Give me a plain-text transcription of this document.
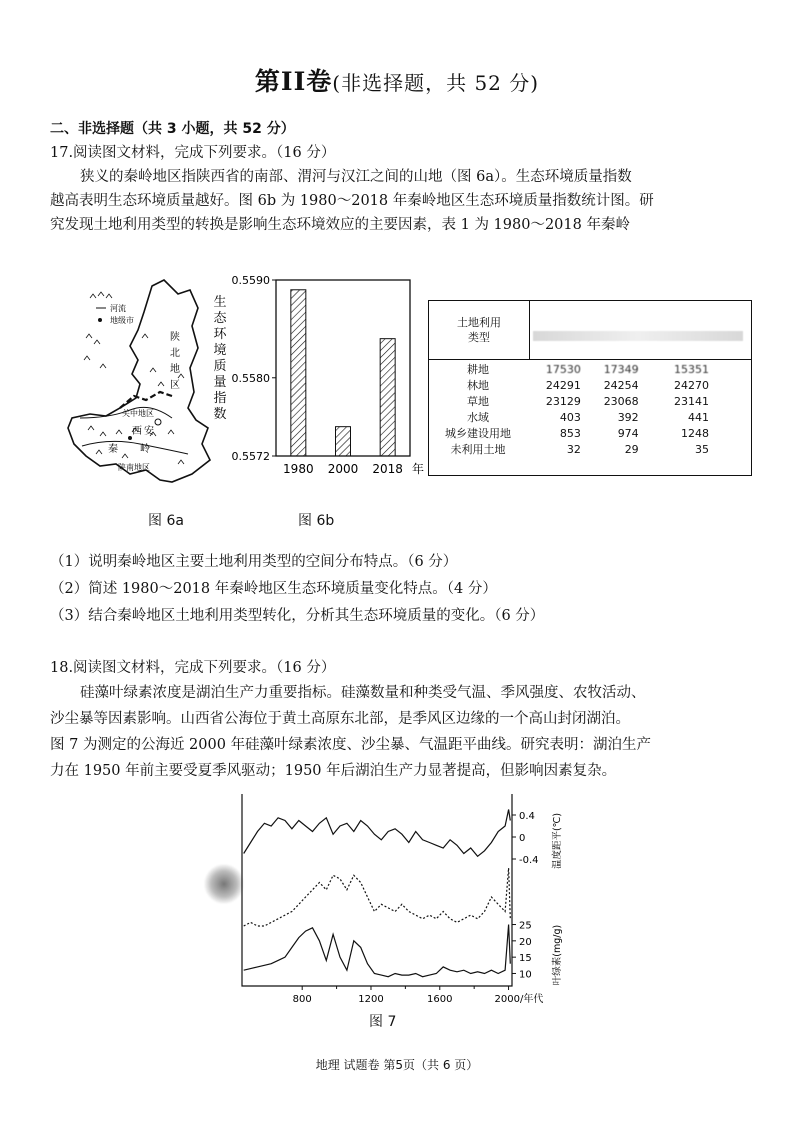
第II卷(非选择题，共 52 分)
二、非选择题（共 3 小题，共 52 分）
17.阅读图文材料，完成下列要求。（16 分）
狭义的秦岭地区指陕西省的南部、渭河与汉江之间的山地（图 6a）。生态环境质量指数
越高表明生态环境质量越好。图 6b 为 1980～2018 年秦岭地区生态环境质量指数统计图。研
究发现土地利用类型的转换是影响生态环境效应的主要因素，表 1 为 1980～2018 年秦岭
河流
地级市
陕
北
地
区
关中地区
西 安
秦 岭
陕南地区
图 6a
0.5590
0.5580
0.5572
生
态
环
境
质
量
指
数
1980 2000 2018 年
图 6b
土地利用
类型
耕地	17530	17349	15351
林地	24291	24254	24270
草地	23129	23068	23141
水域	403	392	441
城乡建设用地	853	974	1248
未利用土地	32	29	35
（1）说明秦岭地区主要土地利用类型的空间分布特点。（6 分）
（2）简述 1980～2018 年秦岭地区生态环境质量变化特点。（4 分）
（3）结合秦岭地区土地利用类型转化，分析其生态环境质量的变化。（6 分）
18.阅读图文材料，完成下列要求。（16 分）
硅藻叶绿素浓度是湖泊生产力重要指标。硅藻数量和种类受气温、季风强度、农牧活动、
沙尘暴等因素影响。山西省公海位于黄土高原东北部，是季风区边缘的一个高山封闭湖泊。
图 7 为测定的公海近 2000 年硅藻叶绿素浓度、沙尘暴、气温距平曲线。研究表明：湖泊生产
力在 1950 年前主要受夏季风驱动；1950 年后湖泊生产力显著提高，但影响因素复杂。
800	1200	1600	2000/年代
0.4
0
-0.4 温度距平(℃)
25
20
15
10 叶绿素(mg/g)
图 7
地理 试题卷 第5页（共 6 页）
